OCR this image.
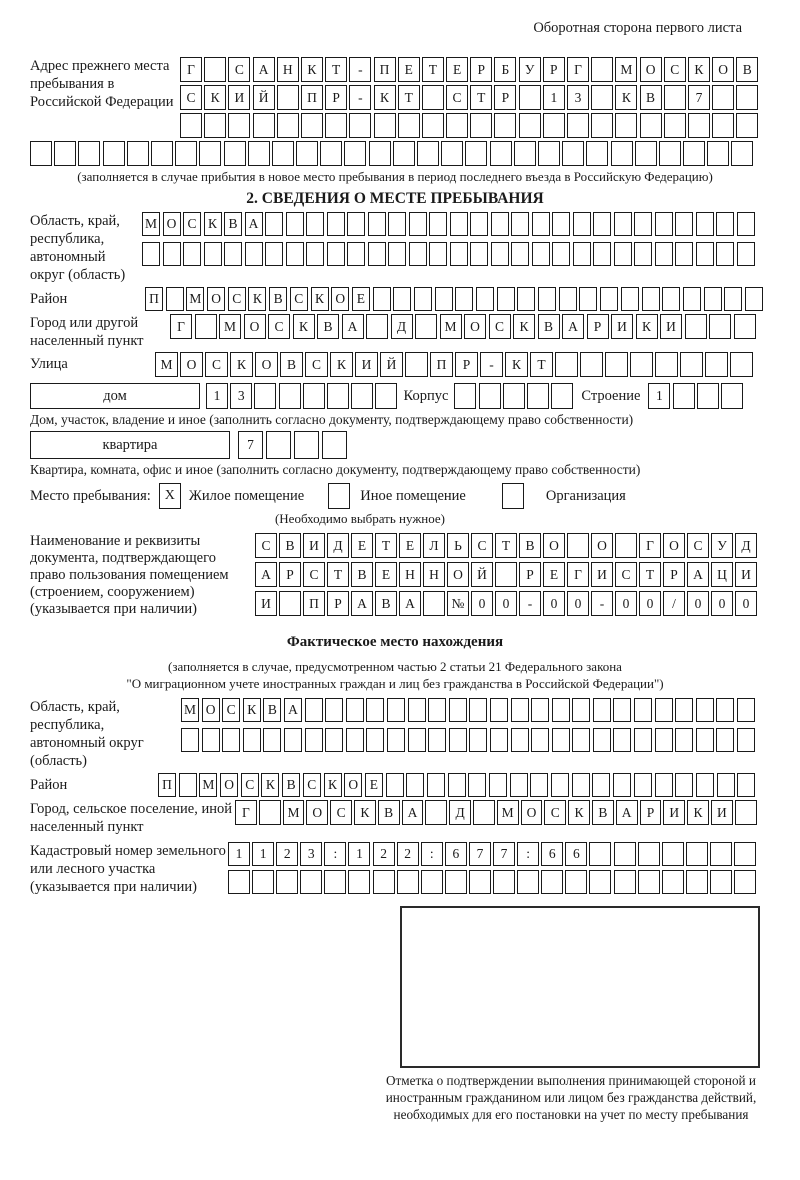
Оборотная сторона первого листа
Адрес прежнего места пребывания в Российской Федерации
Г	С	А	Н	К	Т	-	П	Е	Т	Е	Р	Б	У	Р	Г	М О	С	К	О	В
С	К	И	Й	П	Р	-	К	Т	С	Т	Р	1	3	К	В	7
(заполняется в случае прибытия в новое место пребывания в период последнего въезда в Российскую Федерацию)
2. СВЕДЕНИЯ О МЕСТЕ ПРЕБЫВАНИЯ
Область, край, республика, автономный округ (область)
М О С К В А
Район	П	М О С К В С К О Е
Город или другой населенный пункт
Г	М	О	С	К	В	А	Д	М	О	С	К	В	А	Р	И	К	И
Улица	М	О	С	К	О	В	С	К	И	Й	П	Р	-	К	Т
дом	1	3	Корпус	Строение	1
Дом, участок, владение и иное (заполнить согласно документу, подтверждающему право собственности)
квартира	7
Квартира, комната, офис и иное (заполнить согласно документу, подтверждающему право собственности)
Место пребывания: X Жилое помещение	Иное помещение	Организация
(Необходимо выбрать нужное)
Наименование и реквизиты документа, подтверждающего право пользования помещением (строением, сооружением) (указывается при наличии)
С	В	И	Д	Е	Т	Е	Л	Ь	С	Т	В	О	О	Г	О	С	У	Д
А	Р	С	Т	В	Е	Н	Н	О	Й	Р	Е	Г	И	С	Т	Р	А	Ц	И
И	П	Р	А	В	А	№	0	0	-	0	0	-	0	0	/	0	0	0
Фактическое место нахождения
(заполняется в случае, предусмотренном частью 2 статьи 21 Федерального закона
"О миграционном учете иностранных граждан и лиц без гражданства в Российской Федерации")
Область, край, республика, автономный округ (область)
М О С К В А
Район	П	М О С К В С К О Е
Город, сельское поселение, иной населенный пункт
Г	М О	С	К	В	А	Д	М О	С	К	В	А	Р	И	К	И
Кадастровый номер земельного или лесного участка (указывается при наличии)
1	1	2	3	:	1	2	2	:	6	7	7	:	6	6
Отметка о подтверждении выполнения принимающей стороной и иностранным гражданином или лицом без гражданства действий, необходимых для его постановки на учет по месту пребывания
